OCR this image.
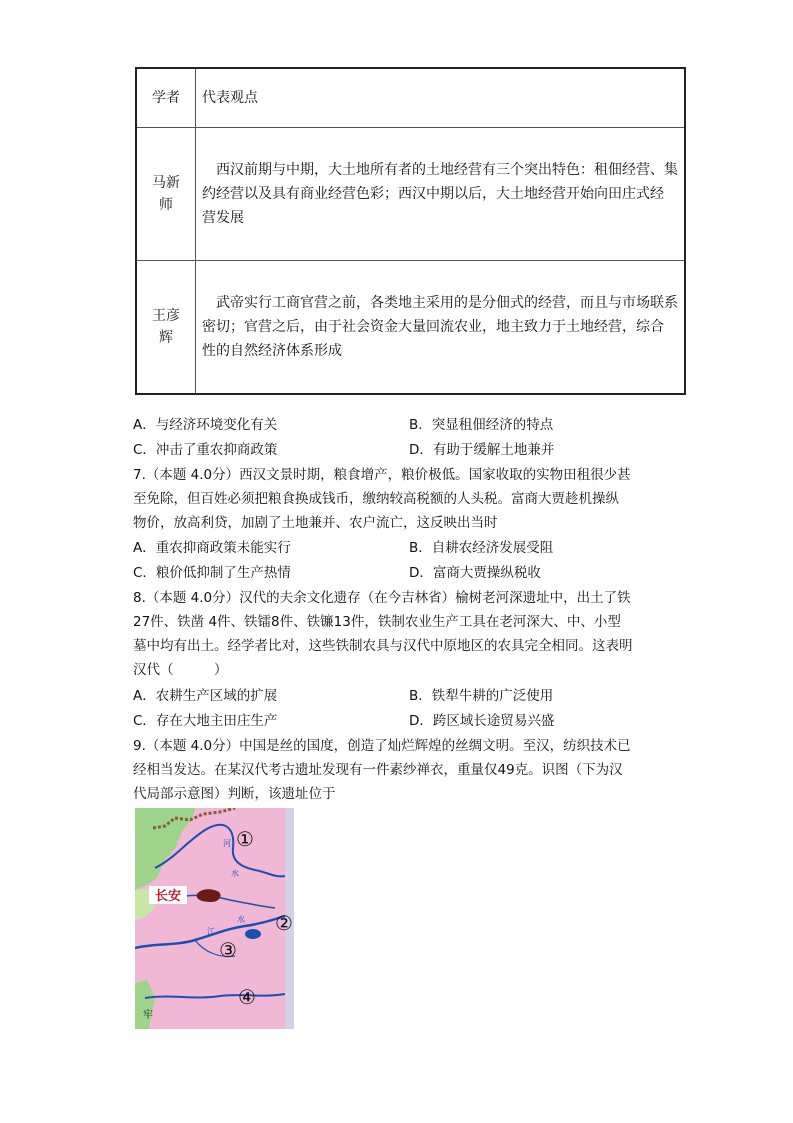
学者	代表观点
马新师	西汉前期与中期，大土地所有者的土地经营有三个突出特色：租佃经营、集
约经营以及具有商业经营色彩；西汉中期以后，大土地经营开始向田庄式经
营发展

王彦辉	武帝实行工商官营之前，各类地主采用的是分佃式的经营，而且与市场联系
密切；官营之后，由于社会资金大量回流农业，地主致力于土地经营，综合
性的自然经济体系形成
A．与经济环境变化有关	B．突显租佃经济的特点
C．冲击了重农抑商政策	D．有助于缓解土地兼并
7.（本题 4.0分）西汉文景时期，粮食增产，粮价极低。国家收取的实物田租很少甚
至免除，但百姓必须把粮食换成钱币，缴纳较高税额的人头税。富商大贾趁机操纵
物价，放高利贷，加剧了土地兼并、农户流亡，这反映出当时
A．重农抑商政策未能实行	B．自耕农经济发展受阻
C．粮价低抑制了生产热情	D．富商大贾操纵税收
8.（本题 4.0分）汉代的夫余文化遗存（在今吉林省）榆树老河深遗址中，出土了铁
27件、铁凿 4件、铁镭8件、铁镰13件，铁制农业生产工具在老河深大、中、小型
墓中均有出土。经学者比对，这些铁制农具与汉代中原地区的农具完全相同。这表明
汉代（　　　）
A．农耕生产区域的扩展	B．铁犁牛耕的广泛使用
C．存在大地主田庄生产	D．跨区域长途贸易兴盛
9.（本题 4.0分）中国是丝的国度，创造了灿烂辉煌的丝绸文明。至汉，纺织技术已
经相当发达。在某汉代考古遗址发现有一件素纱禅衣，重量仅49克。识图（下为汉
代局部示意图）判断，该遗址位于
长安
河
水
江
水
①
②
③
④
牢
